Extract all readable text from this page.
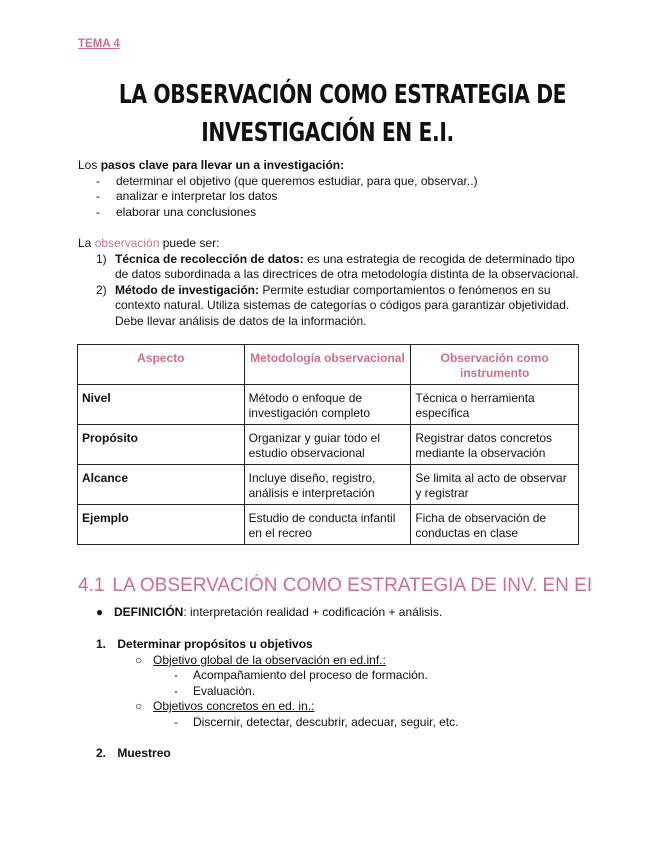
TEMA 4
LA OBSERVACIÓN COMO ESTRATEGIA DE
INVESTIGACIÓN EN E.I.
Los pasos clave para llevar un a investigación:
- determinar el objetivo (que queremos estudiar, para que, observar..)
- analizar e interpretar los datos
- elaborar una conclusiones
La observación puede ser:
1) Técnica de recolección de datos: es una estrategia de recogida de determinado tipo de datos subordinada a las directrices de otra metodología distinta de la observacional.
2) Método de investigación: Permite estudiar comportamientos o fenómenos en su contexto natural. Utiliza sistemas de categorías o códigos para garantizar objetividad. Debe llevar análisis de datos de la información.
Aspecto	Metodología observacional	Observación como instrumento
Nivel	Método o enfoque de investigación completo	Técnica o herramienta específica
Propósito	Organizar y guiar todo el estudio observacional	Registrar datos concretos mediante la observación
Alcance	Incluye diseño, registro, análisis e interpretación	Se limita al acto de observar y registrar
Ejemplo	Estudio de conducta infantil en el recreo	Ficha de observación de conductas en clase
4.1 LA OBSERVACIÓN COMO ESTRATEGIA DE INV. EN EI
● DEFINICIÓN: interpretación realidad + codificación + análisis.
1. Determinar propósitos u objetivos
○ Objetivo global de la observación en ed.inf.:
- Acompañamiento del proceso de formación.
- Evaluación.
○ Objetivos concretos en ed. in.:
- Discernir, detectar, descubrir, adecuar, seguir, etc.
2. Muestreo
